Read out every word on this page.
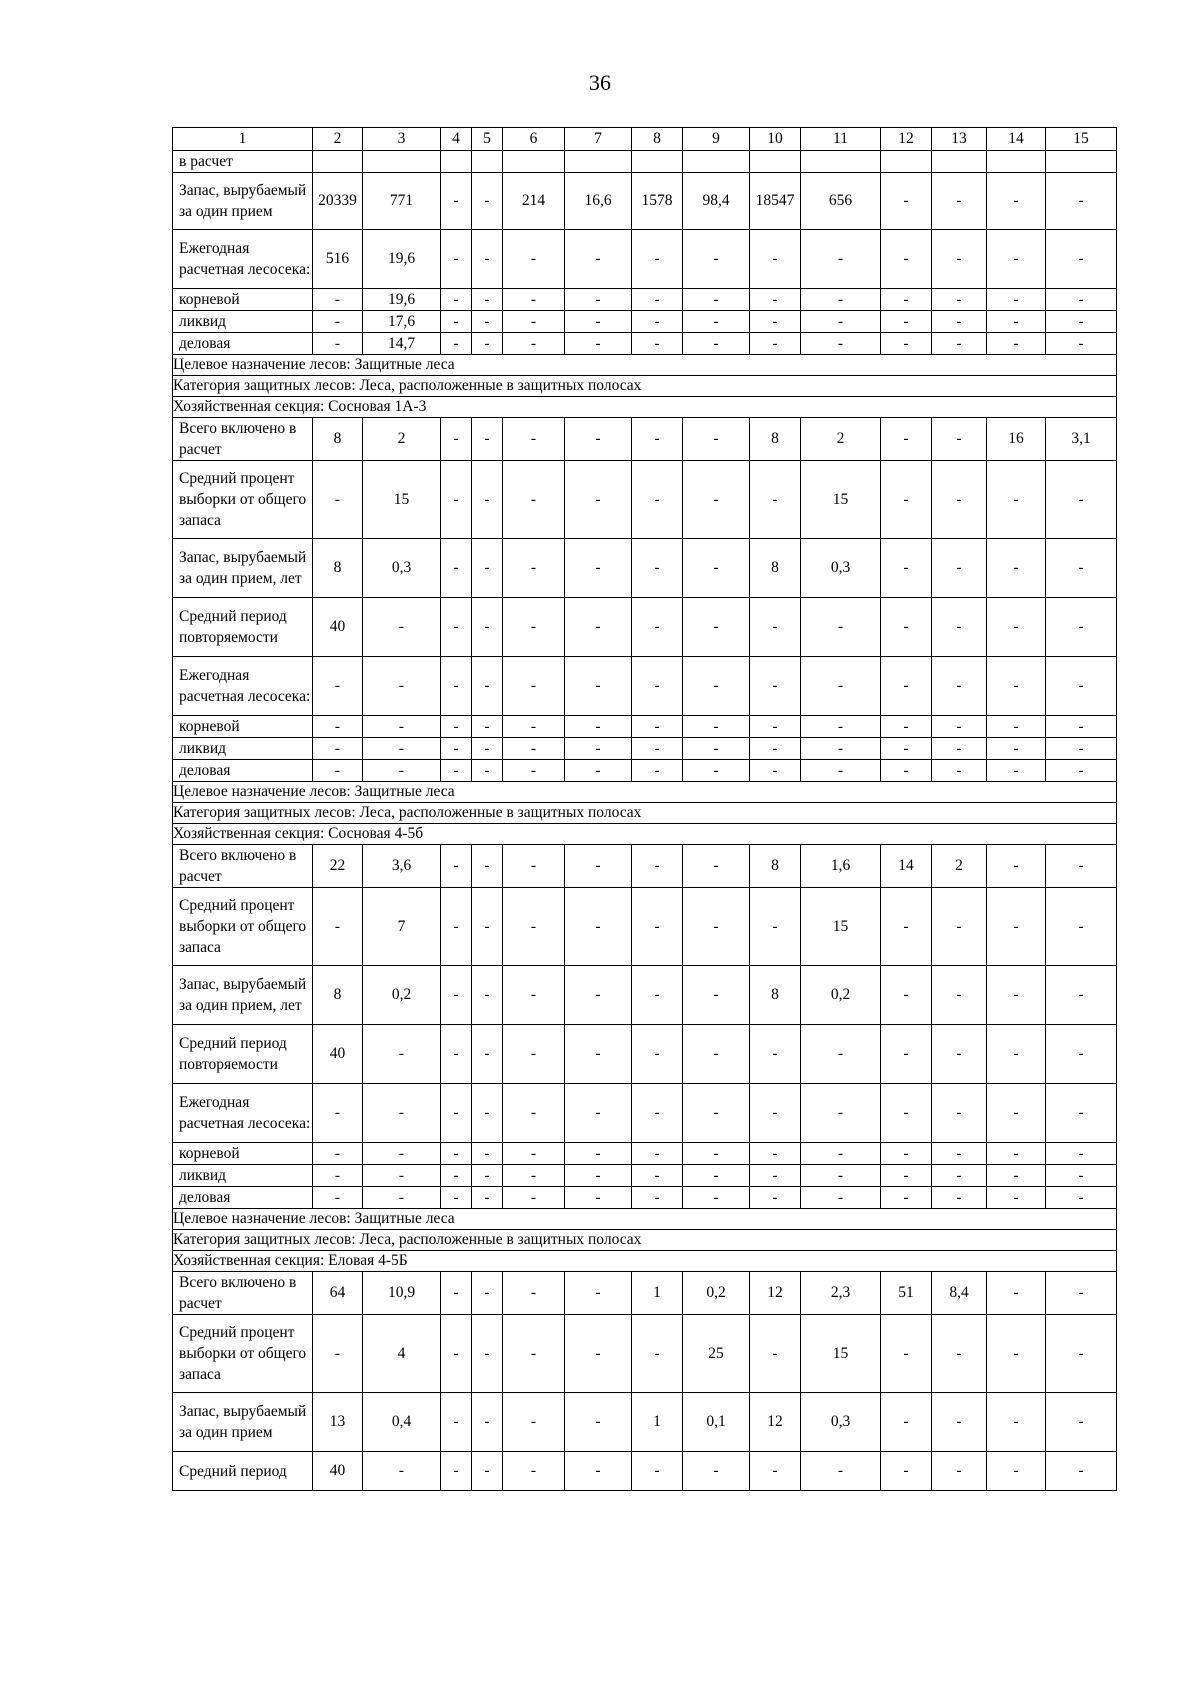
36
1	2	3	4	5	6	7	8	9	10	11	12	13	14	15
в расчет														
Запас, вырубаемый за один прием	20339	771	-	-	214	16,6	1578	98,4	18547	656	-	-	-	-
Ежегодная расчетная лесосека:	516	19,6	-	-	-	-	-	-	-	-	-	-	-	-
корневой	-	19,6	-	-	-	-	-	-	-	-	-	-	-	-
ликвид	-	17,6	-	-	-	-	-	-	-	-	-	-	-	-
деловая	-	14,7	-	-	-	-	-	-	-	-	-	-	-	-
Целевое назначение лесов: Защитные леса														
Категория защитных лесов: Леса, расположенные в защитных полосах														
Хозяйственная секция: Сосновая 1А-3														
Всего включено в расчет	8	2	-	-	-	-	-	-	8	2	-	-	16	3,1
Средний процент выборки от общего запаса	-	15	-	-	-	-	-	-	-	15	-	-	-	-
Запас, вырубаемый за один прием, лет	8	0,3	-	-	-	-	-	-	8	0,3	-	-	-	-
Средний период повторяемости	40	-	-	-	-	-	-	-	-	-	-	-	-	-
Ежегодная расчетная лесосека:	-	-	-	-	-	-	-	-	-	-	-	-	-	-
корневой	-	-	-	-	-	-	-	-	-	-	-	-	-	-
ликвид	-	-	-	-	-	-	-	-	-	-	-	-	-	-
деловая	-	-	-	-	-	-	-	-	-	-	-	-	-	-
Целевое назначение лесов: Защитные леса														
Категория защитных лесов: Леса, расположенные в защитных полосах														
Хозяйственная секция: Сосновая 4-5б														
Всего включено в расчет	22	3,6	-	-	-	-	-	-	8	1,6	14	2	-	-
Средний процент выборки от общего запаса	-	7	-	-	-	-	-	-	-	15	-	-	-	-
Запас, вырубаемый за один прием, лет	8	0,2	-	-	-	-	-	-	8	0,2	-	-	-	-
Средний период повторяемости	40	-	-	-	-	-	-	-	-	-	-	-	-	-
Ежегодная расчетная лесосека:	-	-	-	-	-	-	-	-	-	-	-	-	-	-
корневой	-	-	-	-	-	-	-	-	-	-	-	-	-	-
ликвид	-	-	-	-	-	-	-	-	-	-	-	-	-	-
деловая	-	-	-	-	-	-	-	-	-	-	-	-	-	-
Целевое назначение лесов: Защитные леса														
Категория защитных лесов: Леса, расположенные в защитных полосах														
Хозяйственная секция: Еловая 4-5Б														
Всего включено в расчет	64	10,9	-	-	-	-	1	0,2	12	2,3	51	8,4	-	-
Средний процент выборки от общего запаса	-	4	-	-	-	-	-	25	-	15	-	-	-	-
Запас, вырубаемый за один прием	13	0,4	-	-	-	-	1	0,1	12	0,3	-	-	-	-
Средний период	40	-	-	-	-	-	-	-	-	-	-	-	-	-
